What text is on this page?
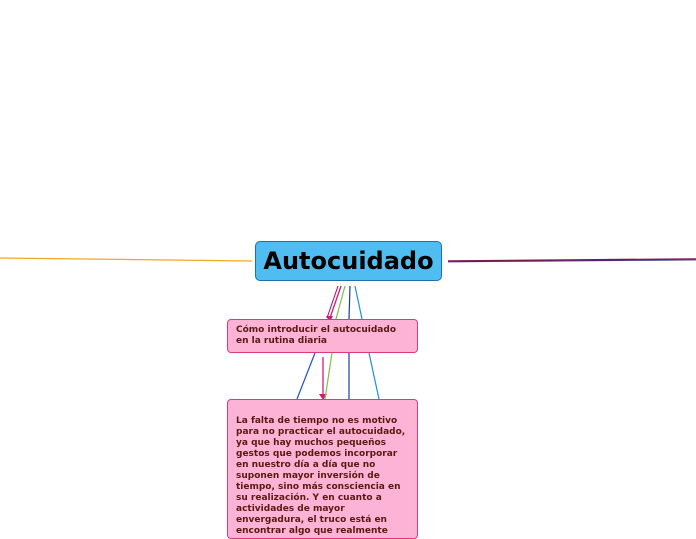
Autocuidado
Cómo introducir el autocuidado en la rutina diaria

La falta de tiempo no es motivo
para no practicar el autocuidado,
ya que hay muchos pequeños
gestos que podemos incorporar
en nuestro día a día que no
suponen mayor inversión de
tiempo, sino más consciencia en
su realización. Y en cuanto a
actividades de mayor
envergadura, el truco está en
encontrar algo que realmente
